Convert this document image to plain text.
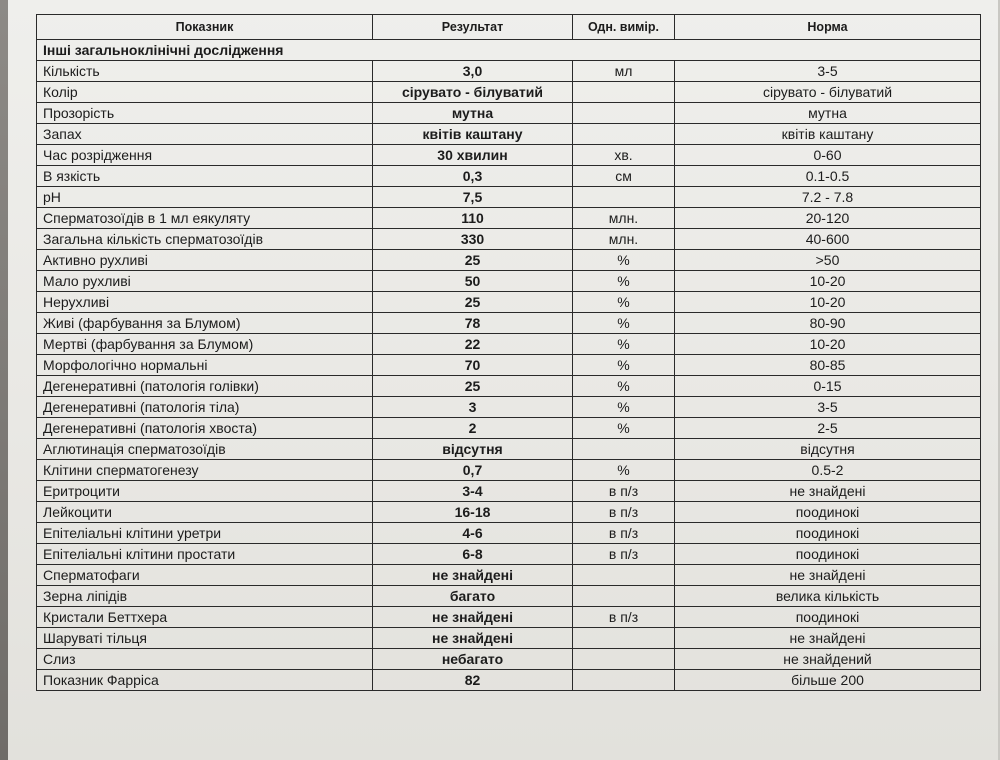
Показник	Результат	Одн. вимір.	Норма
Інші загальноклінічні дослідження			
Кількість	3,0	мл	3-5
Колір	сірувато - білуватий		сірувато - білуватий
Прозорість	мутна		мутна
Запах	квітів каштану		квітів каштану
Час розрідження	30 хвилин	хв.	0-60
В язкість	0,3	см	0.1-0.5
pH	7,5		7.2 - 7.8
Сперматозоїдів в 1 мл еякуляту	110	млн.	20-120
Загальна кількість сперматозоїдів	330	млн.	40-600
Активно рухливі	25	%	>50
Мало рухливі	50	%	10-20
Нерухливі	25	%	10-20
Живі (фарбування за Блумом)	78	%	80-90
Мертві (фарбування за Блумом)	22	%	10-20
Морфологічно нормальні	70	%	80-85
Дегенеративні (патологія голівки)	25	%	0-15
Дегенеративні (патологія тіла)	3	%	3-5
Дегенеративні (патологія хвоста)	2	%	2-5
Аглютинація сперматозоїдів	відсутня		відсутня
Клітини сперматогенезу	0,7	%	0.5-2
Еритроцити	3-4	в п/з	не знайдені
Лейкоцити	16-18	в п/з	поодинокі
Епітеліальні клітини уретри	4-6	в п/з	поодинокі
Епітеліальні клітини простати	6-8	в п/з	поодинокі
Сперматофаги	не знайдені		не знайдені
Зерна ліпідів	багато		велика кількість
Кристали Беттхера	не знайдені	в п/з	поодинокі
Шаруваті тільця	не знайдені		не знайдені
Слиз	небагато		не знайдений
Показник Фарріса	82		більше 200
